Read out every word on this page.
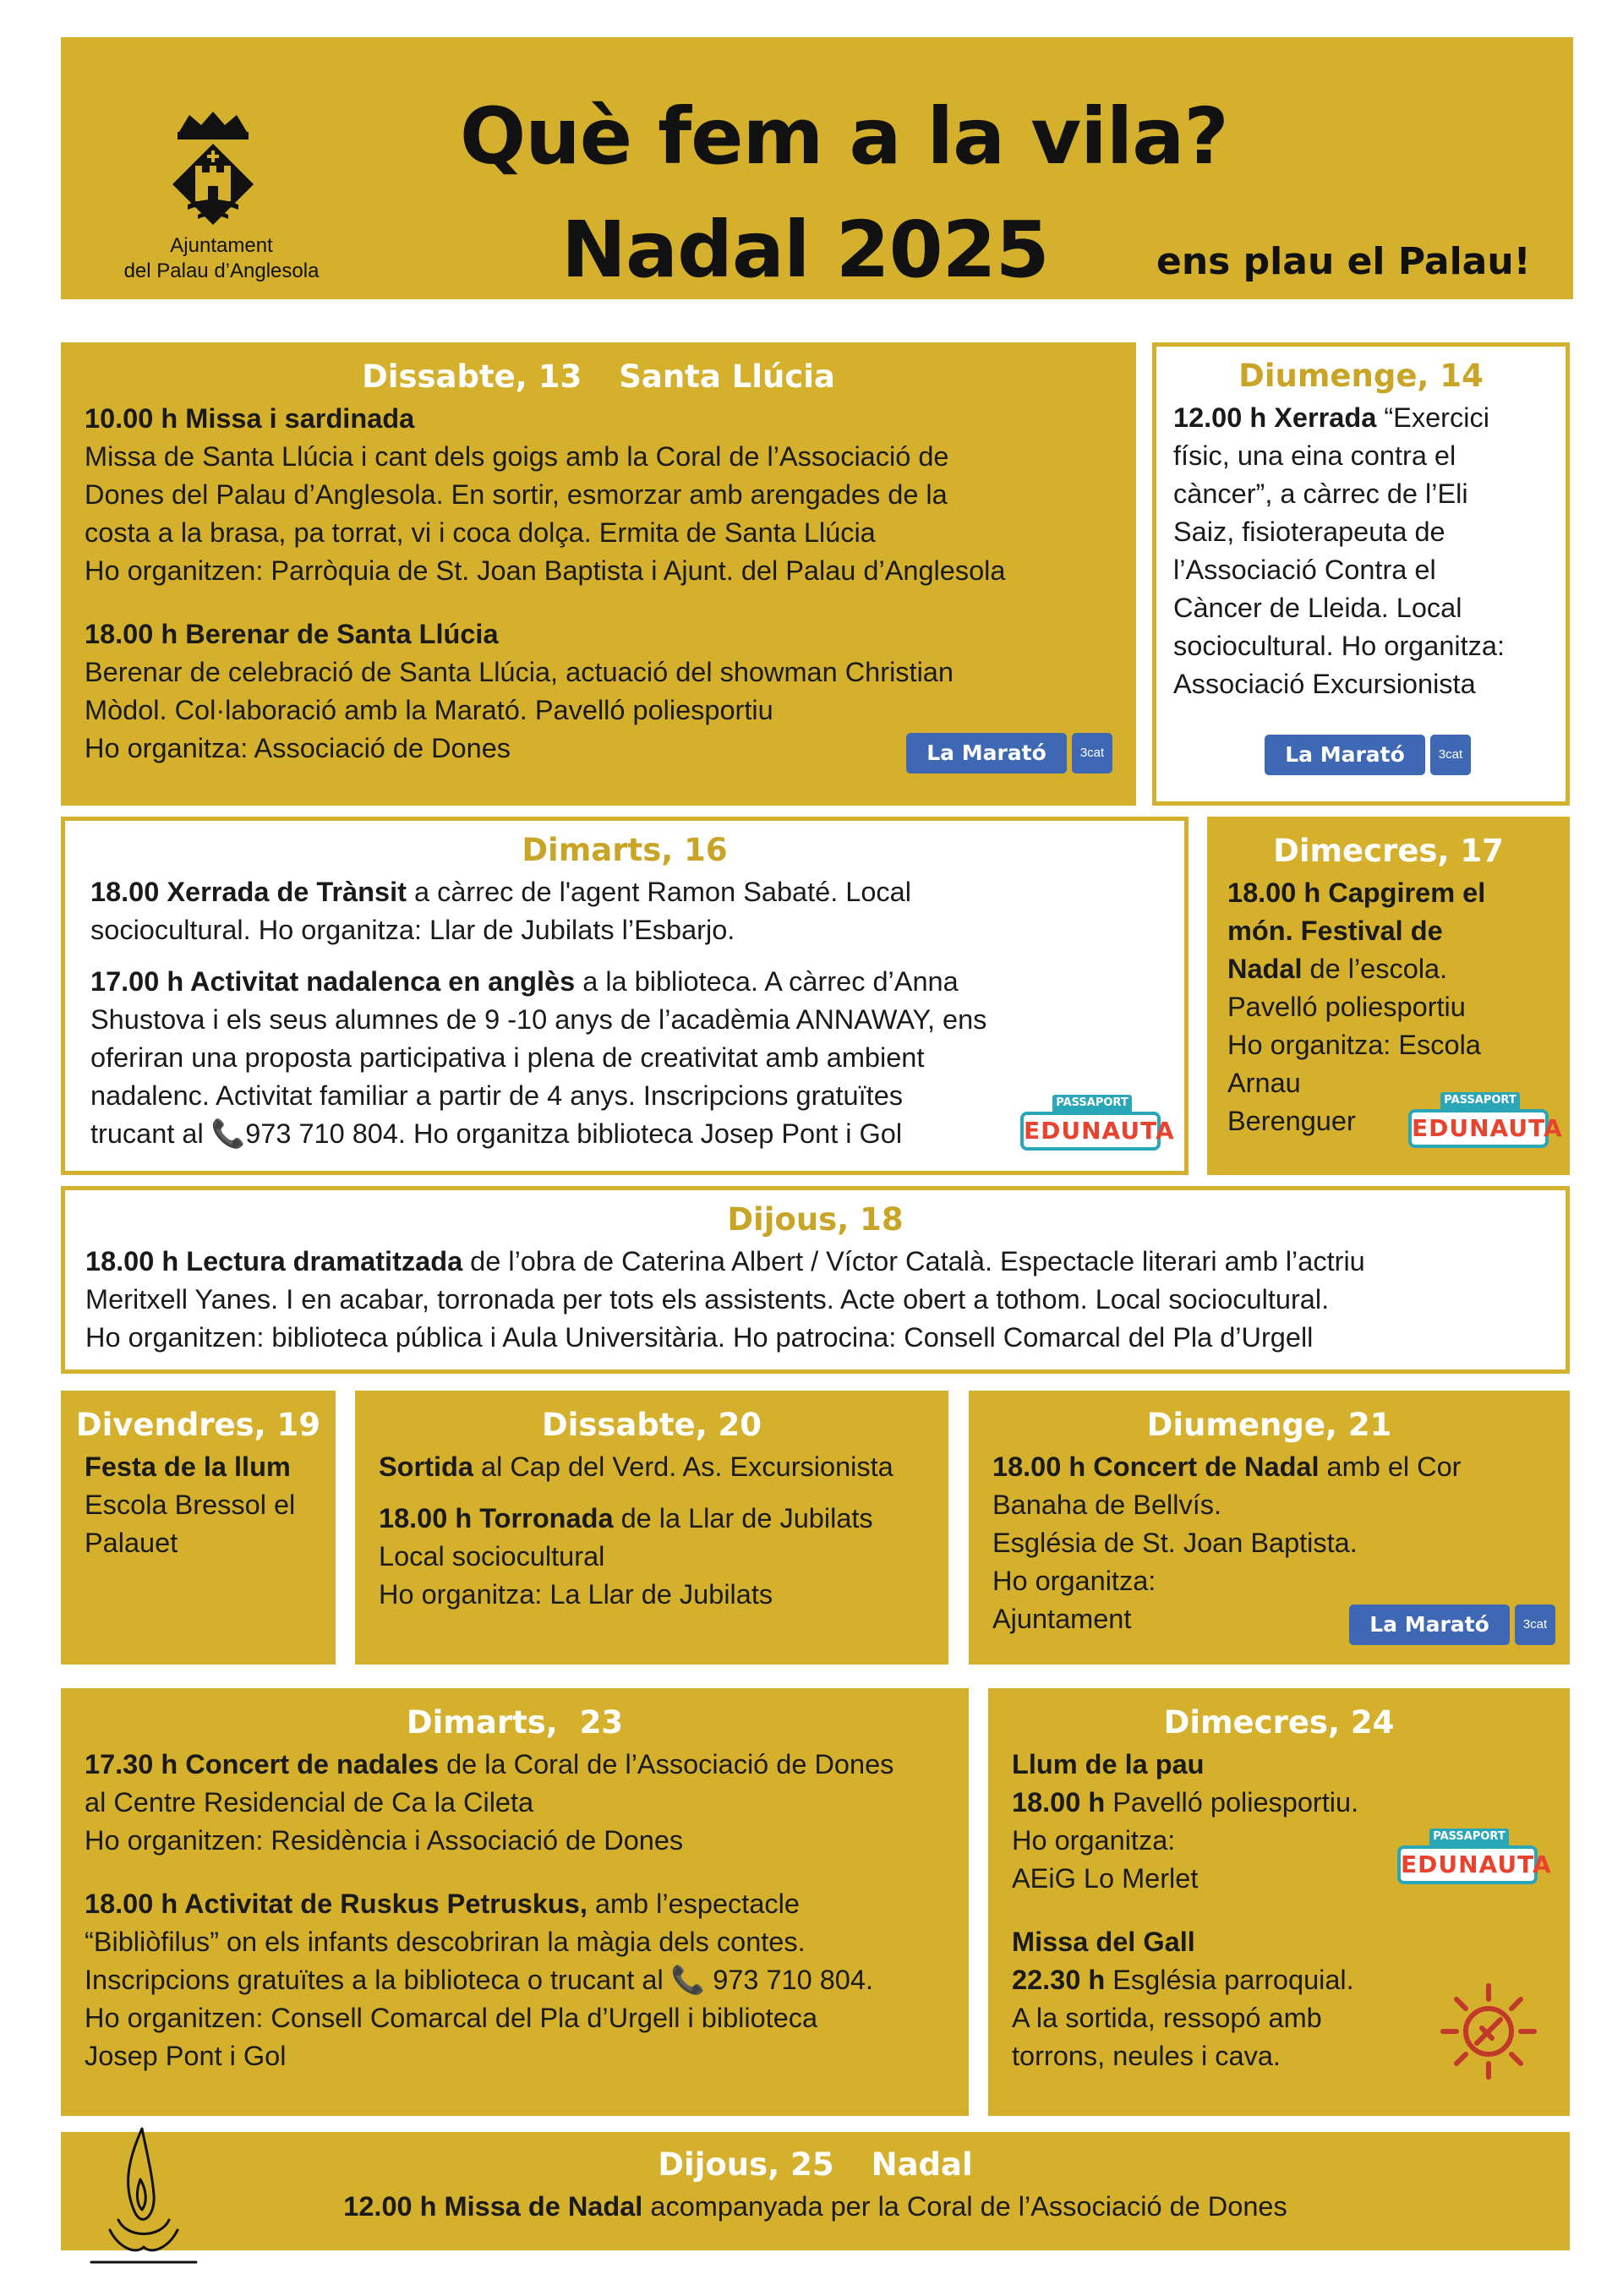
Ajuntament
del Palau d’Anglesola
Què fem a la vila?
Nadal 2025	ens plau el Palau!
Dissabte, 13 Santa Llúcia

10.00 h Missa i sardinada

Missa de Santa Llúcia i cant dels goigs amb la Coral de l’Associació de

Dones del Palau d’Anglesola. En sortir, esmorzar amb arengades de la

costa a la brasa, pa torrat, vi i coca dolça. Ermita de Santa Llúcia

Ho organitzen: Parròquia de St. Joan Baptista i Ajunt. del Palau d’Anglesola

18.00 h Berenar de Santa Llúcia

Berenar de celebració de Santa Llúcia, actuació del showman Christian

Mòdol. Col·laboració amb la Marató. Pavelló poliesportiu

Ho organitza: Associació de Dones	La Marató	3cat
Diumenge, 14

12.00 h Xerrada “Exercici

físic, una eina contra el

càncer”, a càrrec de l’Eli

Saiz, fisioterapeuta de

l’Associació Contra el

Càncer de Lleida. Local

sociocultural. Ho organitza:

Associació Excursionista

La Marató	3cat
Dimarts, 16

18.00 Xerrada de Trànsit a càrrec de l'agent Ramon Sabaté. Local

sociocultural. Ho organitza: Llar de Jubilats l’Esbarjo.

17.00 h Activitat nadalenca en anglès a la biblioteca. A càrrec d’Anna

Shustova i els seus alumnes de 9 -10 anys de l’acadèmia ANNAWAY, ens

oferiran una proposta participativa i plena de creativitat amb ambient

nadalenc. Activitat familiar a partir de 4 anys. Inscripcions gratuïtes

trucant al 📞973 710 804. Ho organitza biblioteca Josep Pont i Gol

PASSAPORT
EDUNAUTA
Dimecres, 17

18.00 h Capgirem el

món. Festival de

Nadal de l’escola.

Pavelló poliesportiu

Ho organitza: Escola

Arnau

Berenguer

PASSAPORT
EDUNAUTA
Dijous, 18

18.00 h Lectura dramatitzada de l’obra de Caterina Albert / Víctor Català. Espectacle literari amb l’actriu

Meritxell Yanes. I en acabar, torronada per tots els assistents. Acte obert a tothom. Local sociocultural.

Ho organitzen: biblioteca pública i Aula Universitària. Ho patrocina: Consell Comarcal del Pla d’Urgell

Divendres, 19

Festa de la llum

Escola Bressol el

Palauet

Dissabte, 20

Sortida al Cap del Verd. As. Excursionista

18.00 h Torronada de la Llar de Jubilats

Local sociocultural

Ho organitza: La Llar de Jubilats

Diumenge, 21

18.00 h Concert de Nadal amb el Cor

Banaha de Bellvís.

Església de St. Joan Baptista.

Ho organitza:

Ajuntament	La Marató	3cat
Dimarts,  23

17.30 h Concert de nadales de la Coral de l’Associació de Dones

al Centre Residencial de Ca la Cileta

Ho organitzen: Residència i Associació de Dones

18.00 h Activitat de Ruskus Petruskus, amb l’espectacle

“Bibliòfilus” on els infants descobriran la màgia dels contes.

Inscripcions gratuïtes a la biblioteca o trucant al 📞 973 710 804.

Ho organitzen: Consell Comarcal del Pla d’Urgell i biblioteca

Josep Pont i Gol

Dimecres, 24

Llum de la pau

18.00 h Pavelló poliesportiu.

Ho organitza:

AEiG Lo Merlet

Missa del Gall

22.30 h Església parroquial.

A la sortida, ressopó amb

torrons, neules i cava.

PASSAPORT
EDUNAUTA
Dijous, 25 Nadal

12.00 h Missa de Nadal acompanyada per la Coral de l’Associació de Dones
